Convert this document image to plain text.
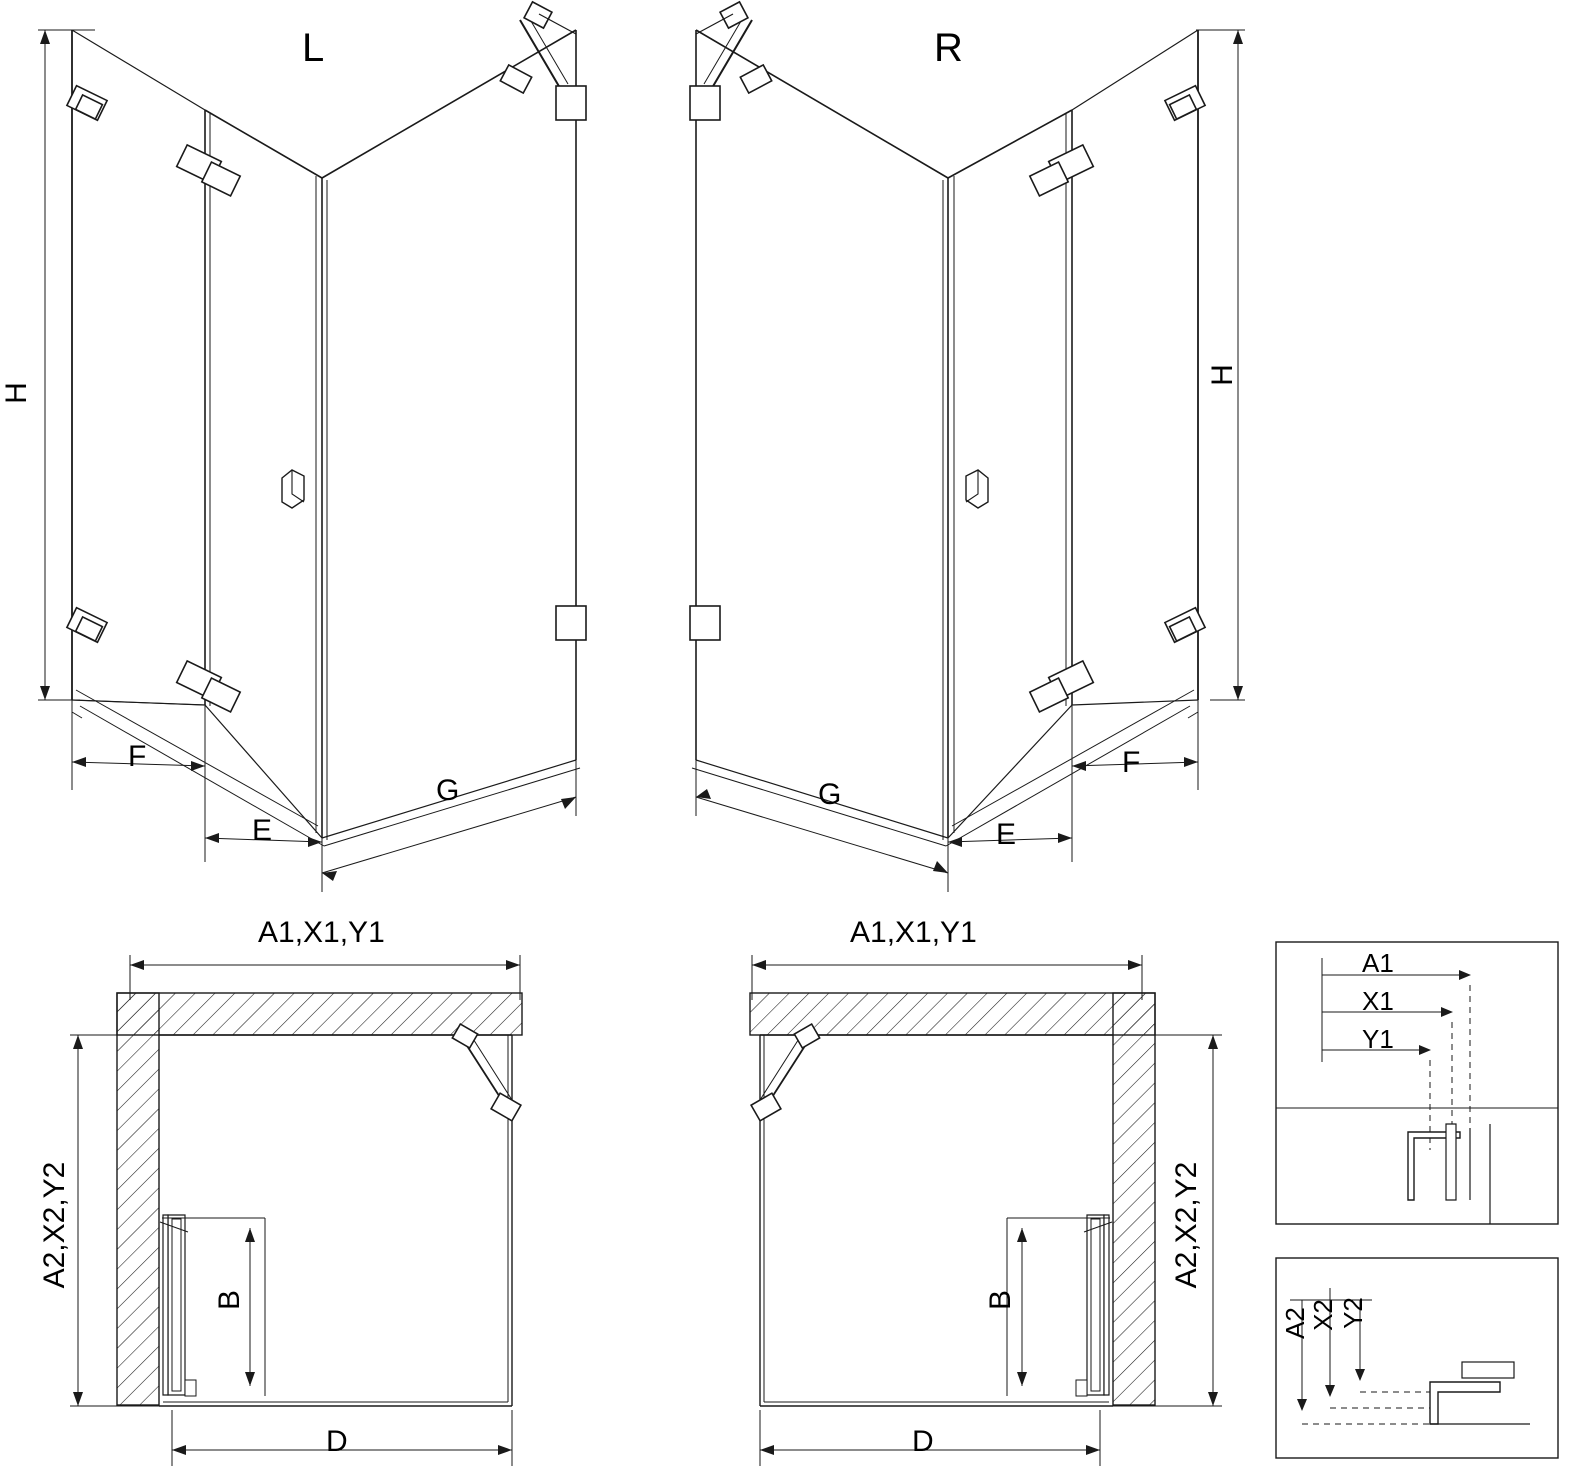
L	R
H
H
F
E
G
F
E
G
A1,X1,Y1	A1,X1,Y1
A2,X2,Y2	A2,X2,Y2
B	B
D	D
A1
X1
Y1
A2
X2 Y2
